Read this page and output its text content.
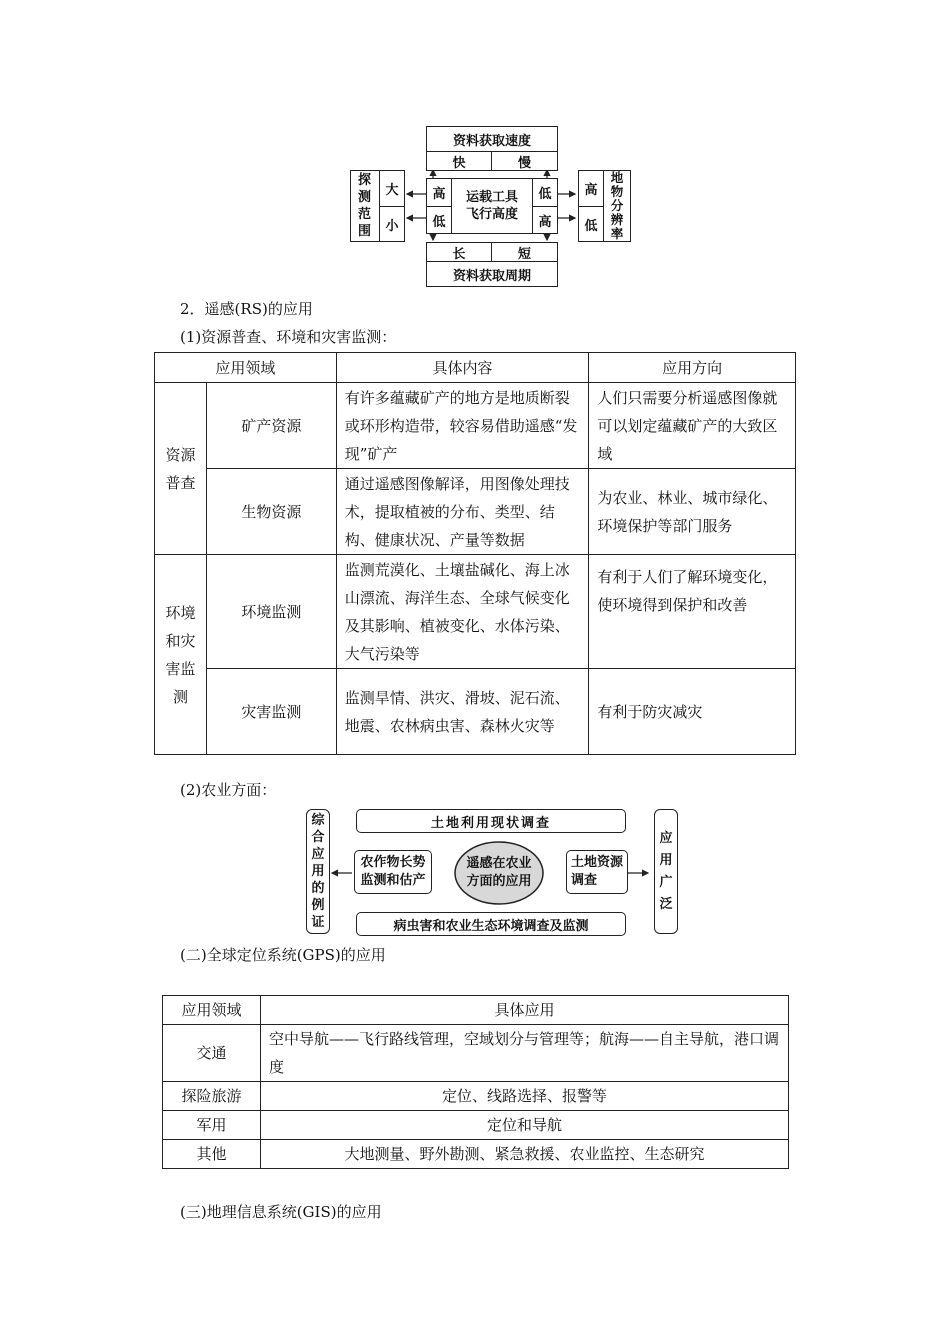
资料获取速度
快	慢
探测范围
大
小
高
低
运载工具
飞行高度
低
高
高
低
地物分辨率
长	短
资料获取周期
2．遥感(RS)的应用
(1)资源普查、环境和灾害监测：
应用领域		具体内容	应用方向
资源普查	矿产资源	有许多蕴藏矿产的地方是地质断裂或环形构造带，较容易借助遥感“发现”矿产	人们只需要分析遥感图像就可以划定蕴藏矿产的大致区域
	生物资源	通过遥感图像解译，用图像处理技术，提取植被的分布、类型、结构、健康状况、产量等数据	为农业、林业、城市绿化、环境保护等部门服务
环境和灾害监测	环境监测	监测荒漠化、土壤盐碱化、海上冰山漂流、海洋生态、全球气候变化及其影响、植被变化、水体污染、大气污染等	有利于人们了解环境变化，使环境得到保护和改善
	灾害监测	监测旱情、洪灾、滑坡、泥石流、地震、农林病虫害、森林火灾等	有利于防灾减灾
(2)农业方面：
综合应用的例证
土地利用现状调查
农作物长势
监测和估产
遥感在农业
方面的应用
土地资源
调查
病虫害和农业生态环境调查及监测
应用广泛
(二)全球定位系统(GPS)的应用
应用领域	具体应用
交通	空中导航——飞行路线管理，空域划分与管理等；航海——自主导航，港口调度
探险旅游	定位、线路选择、报警等
军用	定位和导航
其他	大地测量、野外勘测、紧急救援、农业监控、生态研究
(三)地理信息系统(GIS)的应用
